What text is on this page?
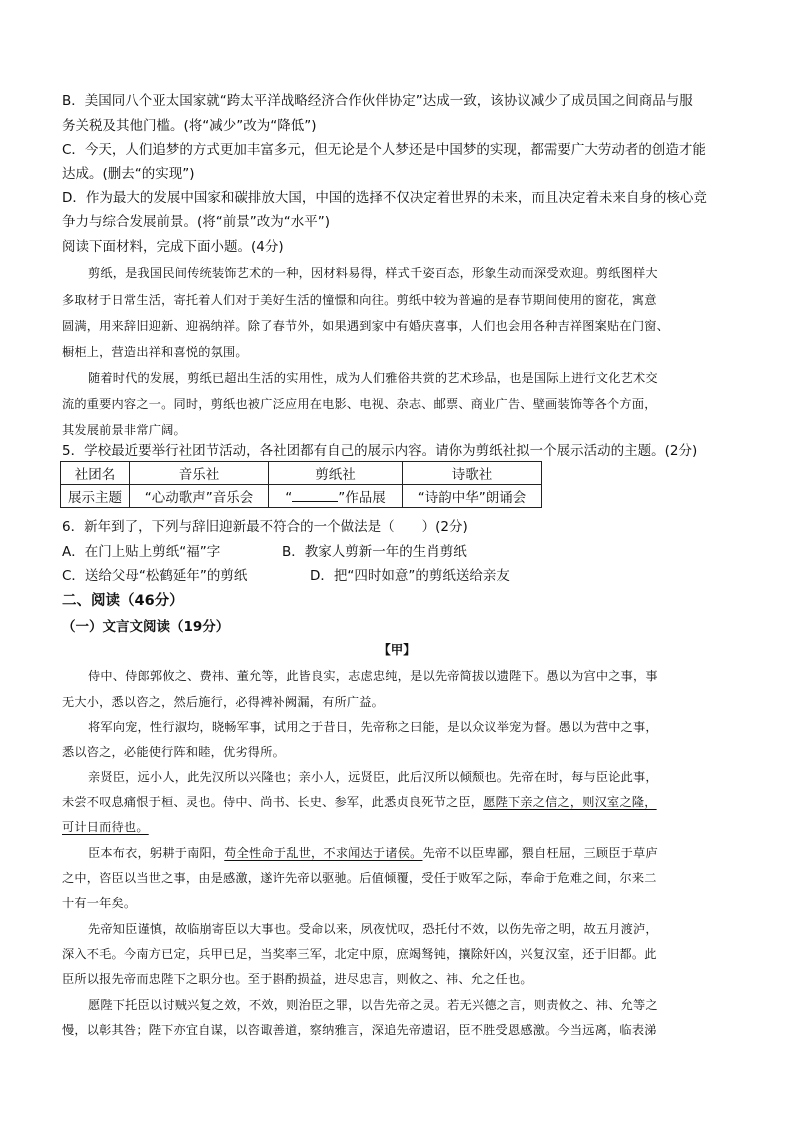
B．美国同八个亚太国家就“跨太平洋战略经济合作伙伴协定”达成一致，该协议减少了成员国之间商品与服
务关税及其他门槛。(将“减少”改为“降低”)
C．今天，人们追梦的方式更加丰富多元，但无论是个人梦还是中国梦的实现，都需要广大劳动者的创造才能
达成。(删去“的实现”)
D．作为最大的发展中国家和碳排放大国，中国的选择不仅决定着世界的未来，而且决定着未来自身的核心竞
争力与综合发展前景。(将“前景”改为“水平”)
阅读下面材料，完成下面小题。(4分)
剪纸，是我国民间传统装饰艺术的一种，因材料易得，样式千姿百态，形象生动而深受欢迎。剪纸图样大
多取材于日常生活，寄托着人们对于美好生活的憧憬和向往。剪纸中较为普遍的是春节期间使用的窗花，寓意
圆满，用来辞旧迎新、迎祸纳祥。除了春节外，如果遇到家中有婚庆喜事，人们也会用各种吉祥图案贴在门窗、
橱柜上，营造出祥和喜悦的氛围。
随着时代的发展，剪纸已超出生活的实用性，成为人们雅俗共赏的艺术珍品，也是国际上进行文化艺术交
流的重要内容之一。同时，剪纸也被广泛应用在电影、电视、杂志、邮票、商业广告、壁画装饰等各个方面，
其发展前景非常广阔。
5．学校最近要举行社团节活动，各社团都有自己的展示内容。请你为剪纸社拟一个展示活动的主题。(2分)
社团名	音乐社	剪纸社	诗歌社
展示主题	“心动歌声”音乐会	“ ”作品展	“诗韵中华”朗诵会
6．新年到了，下列与辞旧迎新最不符合的一个做法是（　　）(2分)
A．在门上贴上剪纸“福”字	B．教家人剪新一年的生肖剪纸
C．送给父母“松鹤延年”的剪纸	D．把“四时如意”的剪纸送给亲友
二、阅读（46分）
（一）文言文阅读（19分）
【甲】
侍中、侍郎郭攸之、费祎、董允等，此皆良实，志虑忠纯，是以先帝简拔以遗陛下。愚以为宫中之事，事
无大小，悉以咨之，然后施行，必得裨补阙漏，有所广益。
将军向宠，性行淑均，晓畅军事，试用之于昔日，先帝称之曰能，是以众议举宠为督。愚以为营中之事，
悉以咨之，必能使行阵和睦，优劣得所。
亲贤臣，远小人，此先汉所以兴隆也；亲小人，远贤臣，此后汉所以倾颓也。先帝在时，每与臣论此事，
未尝不叹息痛恨于桓、灵也。侍中、尚书、长史、参军，此悉贞良死节之臣，愿陛下亲之信之，则汉室之隆，
可计日而待也。
臣本布衣，躬耕于南阳，苟全性命于乱世，不求闻达于诸侯。先帝不以臣卑鄙，猥自枉屈，三顾臣于草庐
之中，咨臣以当世之事，由是感激，遂许先帝以驱驰。后值倾覆，受任于败军之际，奉命于危难之间，尔来二
十有一年矣。
先帝知臣谨慎，故临崩寄臣以大事也。受命以来，夙夜忧叹，恐托付不效，以伤先帝之明，故五月渡泸，
深入不毛。今南方已定，兵甲已足，当奖率三军，北定中原，庶竭驽钝，攘除奸凶，兴复汉室，还于旧都。此
臣所以报先帝而忠陛下之职分也。至于斟酌损益，进尽忠言，则攸之、祎、允之任也。
愿陛下托臣以讨贼兴复之效，不效，则治臣之罪，以告先帝之灵。若无兴德之言，则责攸之、祎、允等之
慢，以彰其咎；陛下亦宜自谋，以咨诹善道，察纳雅言，深追先帝遗诏，臣不胜受恩感激。今当远离，临表涕
